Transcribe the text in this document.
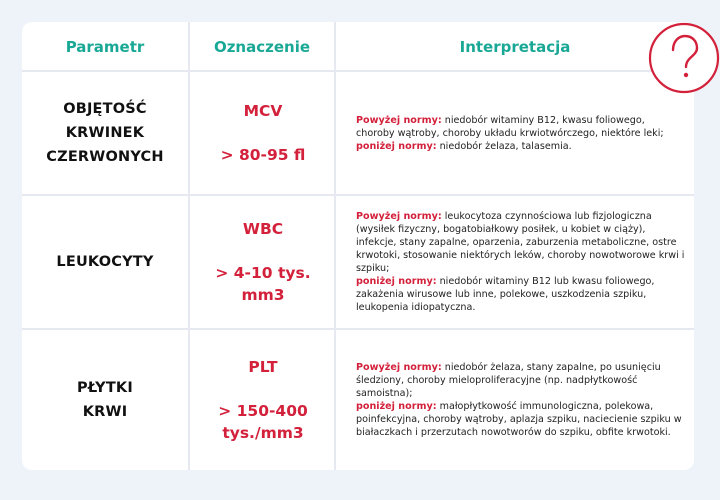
Parametr	Oznaczenie	Interpretacja
OBJĘTOŚĆ
KRWINEK
CZERWONYCH
MCV
> 80-95 fl

Powyżej normy: niedobór witaminy B12, kwasu foliowego, choroby wątroby, choroby układu krwiotwórczego, niektóre leki;
poniżej normy: niedobór żelaza, talasemia.

LEUKOCYTY
WBC
> 4-10 tys.
mm3

Powyżej normy: leukocytoza czynnościowa lub fizjologiczna (wysiłek fizyczny, bogatobiałkowy posiłek, u kobiet w ciąży), infekcje, stany zapalne, oparzenia, zaburzenia metaboliczne, ostre krwotoki, stosowanie niektórych leków, choroby nowotworowe krwi i szpiku;
poniżej normy: niedobór witaminy B12 lub kwasu foliowego, zakażenia wirusowe lub inne, polekowe, uszkodzenia szpiku, leukopenia idiopatyczna.

PŁYTKI
KRWI
PLT
> 150-400
tys./mm3

Powyżej normy: niedobór żelaza, stany zapalne, po usunięciu śledziony, choroby mieloproliferacyjne (np. nadpłytkowość samoistna);
poniżej normy: małopłytkowość immunologiczna, polekowa, poinfekcyjna, choroby wątroby, aplazja szpiku, naciecienie szpiku w białaczkach i przerzutach nowotworów do szpiku, obfite krwotoki.
